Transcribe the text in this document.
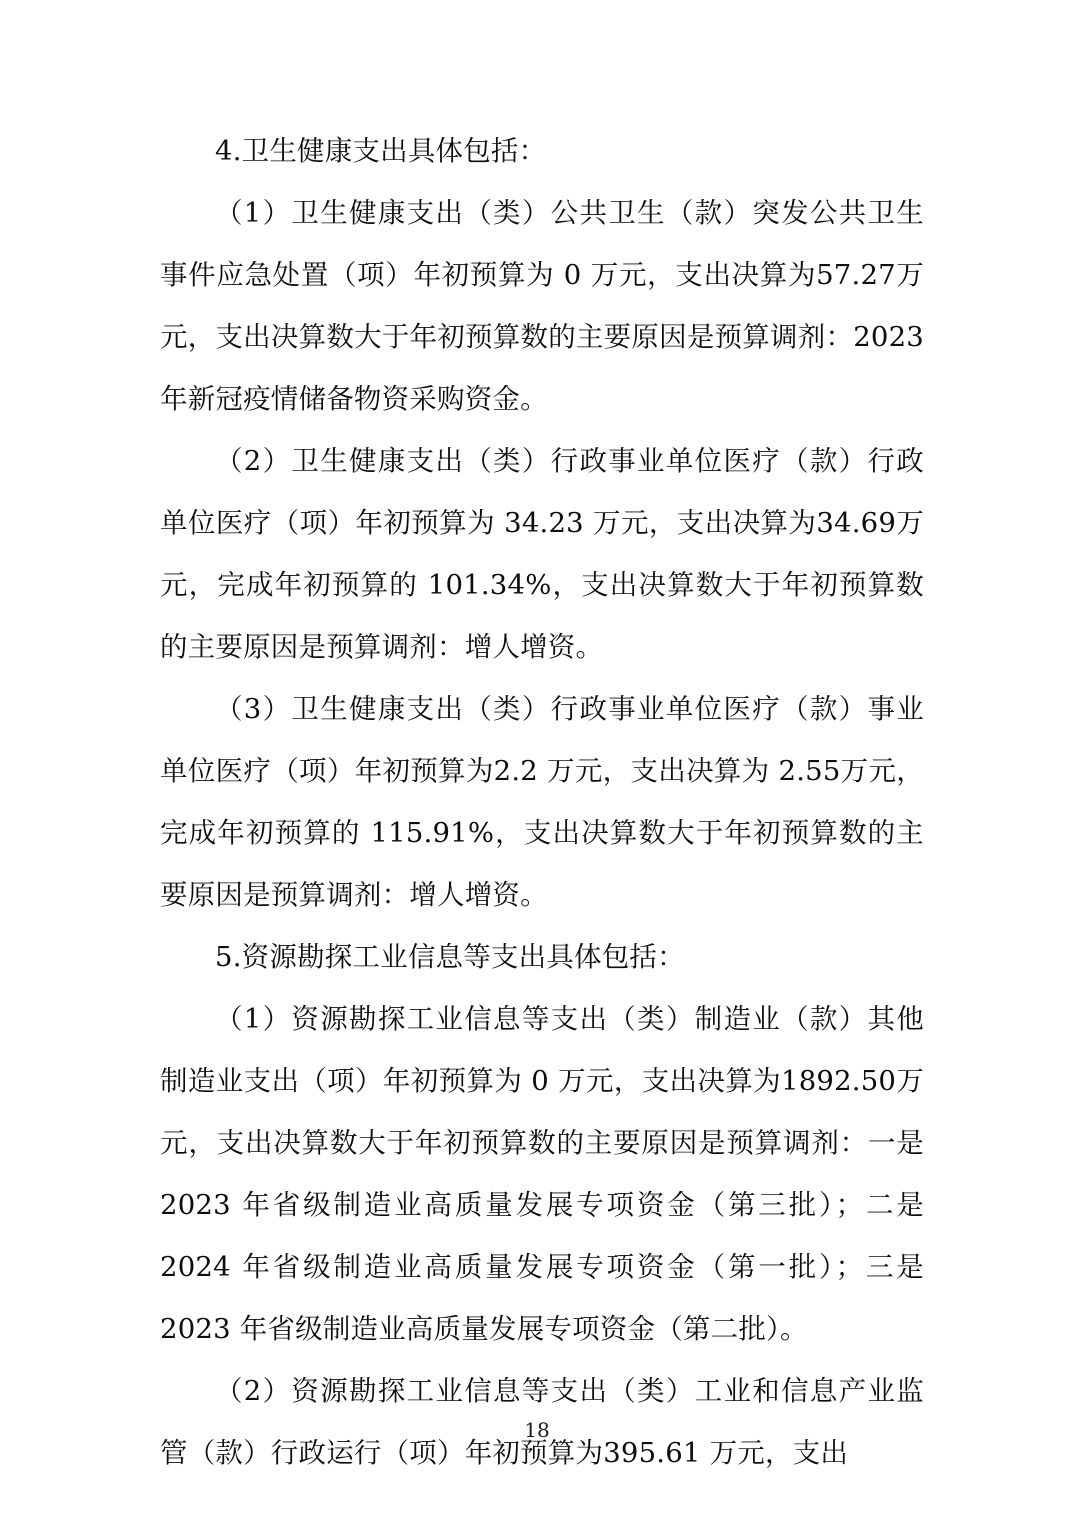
4.卫生健康支出具体包括：

（1）卫生健康支出（类）公共卫生（款）突发公共卫生事件应急处置（项）年初预算为 0 万元，支出决算为57.27万元，支出决算数大于年初预算数的主要原因是预算调剂：2023 年新冠疫情储备物资采购资金。

（2）卫生健康支出（类）行政事业单位医疗（款）行政单位医疗（项）年初预算为 34.23 万元，支出决算为34.69万元，完成年初预算的 101.34%，支出决算数大于年初预算数的主要原因是预算调剂：增人增资。

（3）卫生健康支出（类）行政事业单位医疗（款）事业单位医疗（项）年初预算为2.2 万元，支出决算为 2.55万元，完成年初预算的 115.91%，支出决算数大于年初预算数的主要原因是预算调剂：增人增资。

5.资源勘探工业信息等支出具体包括：

（1）资源勘探工业信息等支出（类）制造业（款）其他制造业支出（项）年初预算为 0 万元，支出决算为1892.50万元，支出决算数大于年初预算数的主要原因是预算调剂：一是 2023 年省级制造业高质量发展专项资金（第三批）；二是 2024 年省级制造业高质量发展专项资金（第一批）；三是 2023 年省级制造业高质量发展专项资金（第二批）。

（2）资源勘探工业信息等支出（类）工业和信息产业监管（款）行政运行（项）年初预算为395.61 万元，支出

18
